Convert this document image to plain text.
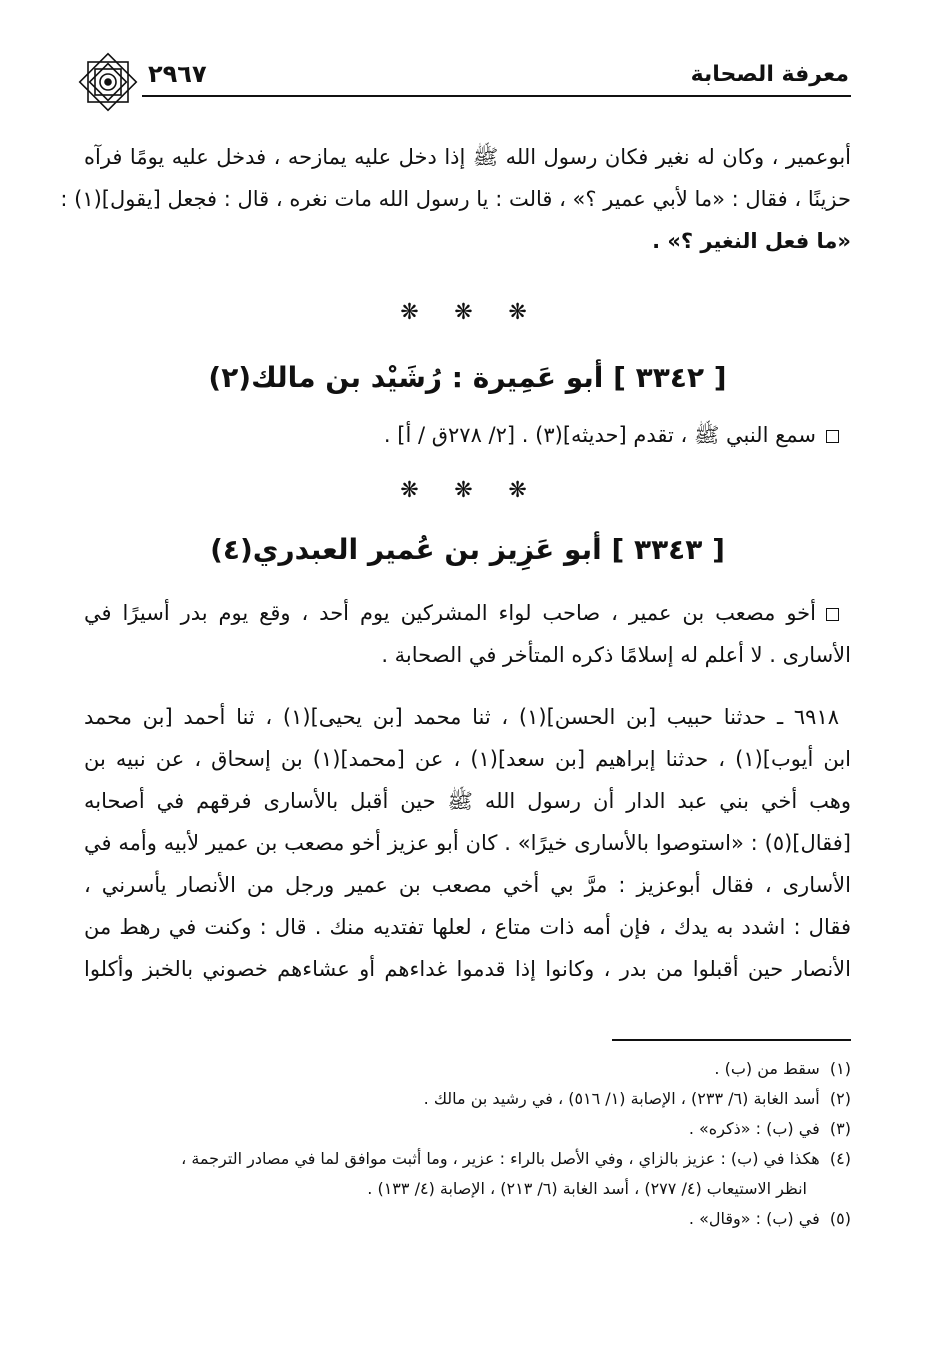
معرفة الصحابة
٢٩٦٧
أبوعمير ، وكان له نغير فكان رسول الله ﷺ إذا دخل عليه يمازحه ، فدخل عليه يومًا فرآه
حزينًا ، فقال : «ما لأبي عمير ؟» ، قالت : يا رسول الله مات نغره ، قال : فجعل [يقول](١) :
«ما فعل النغير ؟» .
❋ ❋ ❋
[ ٣٣٤٢ ] أبو عَمِيرة : رُشَيْد بن مالك(٢)
سمع النبي ﷺ ، تقدم [حديثه](٣) . [٢/ ٢٧٨ق / أ] .
❋ ❋ ❋
[ ٣٣٤٣ ] أبو عَزِيز بن عُمير العبدري(٤)
أخو مصعب بن عمير ، صاحب لواء المشركين يوم أحد ، وقع يوم بدر أسيرًا في
الأسارى . لا أعلم له إسلامًا ذكره المتأخر في الصحابة .
٦٩١٨ ـ حدثنا حبيب [بن الحسن](١) ، ثنا محمد [بن يحيى](١) ، ثنا أحمد [بن محمد
ابن أيوب](١) ، حدثنا إبراهيم [بن سعد](١) ، عن [محمد](١) بن إسحاق ، عن نبيه بن
وهب أخي بني عبد الدار أن رسول الله ﷺ حين أقبل بالأسارى فرقهم في أصحابه
[فقال](٥) : «استوصوا بالأسارى خيرًا» . كان أبو عزيز أخو مصعب بن عمير لأبيه وأمه في
الأسارى ، فقال أبوعزيز : مرَّ بي أخي مصعب بن عمير ورجل من الأنصار يأسرني ،
فقال : اشدد به يدك ، فإن أمه ذات متاع ، لعلها تفتديه منك . قال : وكنت في رهط من
الأنصار حين أقبلوا من بدر ، وكانوا إذا قدموا غداءهم أو عشاءهم خصوني بالخبز وأكلوا
(١)  سقط من (ب) .
(٢)  أسد الغابة (٦/ ٢٣٣) ، الإصابة (١/ ٥١٦) ، في رشيد بن مالك .
(٣)  في (ب) : «ذكره» .
(٤)  هكذا في (ب) : عزيز بالزاي ، وفي الأصل بالراء : عزير ، وما أثبت موافق لما في مصادر الترجمة ،
انظر الاستيعاب (٤/ ٢٧٧) ، أسد الغابة (٦/ ٢١٣) ، الإصابة (٤/ ١٣٣) .
(٥)  في (ب) : «وقال» .
